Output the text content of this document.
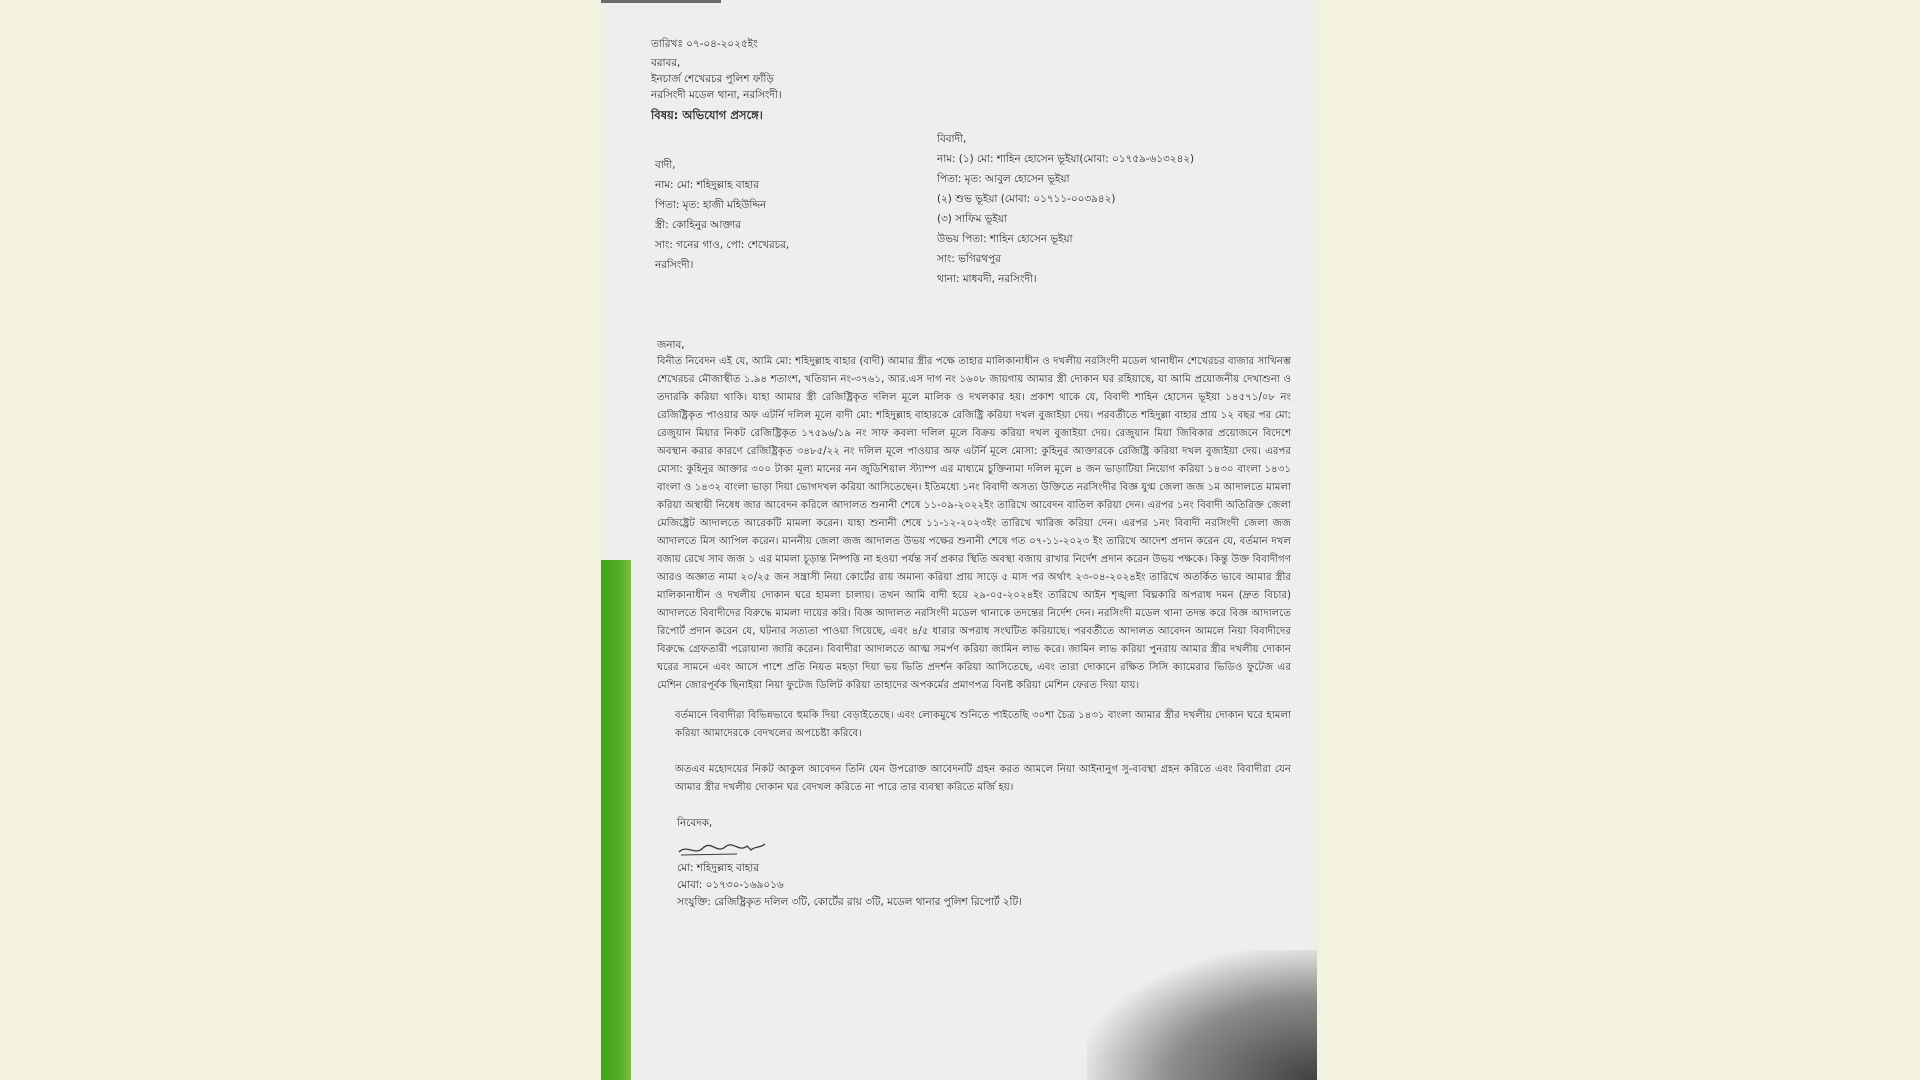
তারিখঃ ০৭-০৪-২০২৫ইং
বরাবর,
ইনচার্জ শেখেরচর পুলিশ ফাঁড়ি
নরসিংদী মডেল থানা, নরসিংদী।
বিষয়: অভিযোগ প্রসঙ্গে।
বাদী,
নাম: মো: শহিদুল্লাহ বাহার
পিতা: মৃত: হাজী মহিউদ্দিন
স্ত্রী: কোহিনুর আক্তার
সাং: গনের গাও, পো: শেখেরচর,
নরসিংদী।
বিবাদী,
নাম: (১) মো: শাহিন হোসেন ভূইয়া(মোবা: ০১৭৫৯-৬১৩২৪২)
পিতা: মৃত: আবুল হোসেন ভূইয়া
(২) শুভ ভূইয়া (মোবা: ০১৭১১-০০৩৯৪২)
(৩) সাফিম ভূইয়া
উভয় পিতা: শাহিন হোসেন ভূইয়া
সাং: ভগিরথপুর
থানা: মাধবদী, নরসিংদী।
জনাব,
বিনীত নিবেদন এই যে, আমি মো: শহিদুল্লাহ বাহার (বাদী) আমার স্ত্রীর পক্ষে তাহার মালিকানাধীন ও দখলীয় নরসিংদী মডেল থানাধীন শেখেরচর বাজার সাখিনম্ভ শেখেরচর মৌজাস্থীত ১.৯৪ শতাংশ, খতিয়ান নং-৩৭৬১, আর.এস দাগ নং ১৬০৮ জায়গায় আমার স্ত্রী দোকান ঘর রহিয়াছে, যা আমি প্রয়োজনীয় দেখাশুনা ও তদারকি করিয়া থাকি। যাহা আমার স্ত্রী রেজিষ্ট্রিকৃত দলিল মূলে মালিক ও দখলকার হয়। প্রকাশ থাকে যে, বিবাদী শাহিন হোসেন ভূইয়া ১৪৫৭১/০৮ নং রেজিষ্ট্রিকৃত পাওয়ার অফ এটর্নি দলিল মূলে বাদী মো: শহিদুল্লাহ বাহারকে রেজিষ্ট্রি করিয়া দখল বুজাইয়া দেয়। পরবর্তীতে শহিদুল্লা বাহার প্রায় ১২ বছর পর মো: রেজুয়ান মিয়ার নিকট রেজিষ্ট্রিকৃত ১৭৫৯৬/১৯ নং সাফ কবলা দলিল মূলে বিক্রয় করিয়া দখল বুজাইয়া দেয়। রেজুয়ান মিয়া জিবিকার প্রয়োজনে বিদেশে অবস্থান করার কারণে রেজিষ্ট্রিকৃত ৩৪৮৫/২২ নং দলিল মূলে পাওয়ার অফ এটর্নি মূলে মোসা: কুহিনুর আক্তারকে রেজিষ্ট্রি করিয়া দখল বুজাইয়া দেয়। এরপর মোসা: কুহিনুর আক্তার ৩০০ টাকা মূল্য মানের নন জুডিশিয়াল স্ট্যাম্প এর মাধ্যমে চুক্তিনামা দলিল মূলে ৪ জন ভাড়াটিয়া নিয়োগ করিয়া ১৪৩০ বাংলা ১৪৩১ বাংলা ও ১৪৩২ বাংলা ভাড়া দিয়া ভোগদখল করিয়া আসিতেছেন। ইতিমধ্যে ১নং বিবাদী অসত্য উক্তিতে নরসিংদীর বিজ্ঞ যুগ্ম জেলা জজ ১ম আদালতে মামলা করিয়া অস্থায়ী নিষেধ জার আবেদন করিলে আদালত শুনানী শেষে ১১-০৯-২০২২ইং তারিখে আবেদন বাতিল করিয়া দেন। এরপর ১নং বিবাদী অতিরিক্ত জেলা মেজিষ্ট্রেট আদালতে আরেকটি মামলা করেন। যাহা শুনানী শেষে ১১-১২-২০২৩ইং তারিখে খারিজ করিয়া দেন। এরপর ১নং বিবাদী নরসিংদী জেলা জজ আদালতে মিস আপিল করেন। মাননীয় জেলা জজ আদালত উভয় পক্ষের শুনানী শেষে গত ০৭-১১-২০২৩ ইং তারিখে আদেশ প্রদান করেন যে, বর্তমান দখল বজায় রেখে সাব জজ ১ এর মামলা চূড়ান্ত নিষ্পত্তি না হওয়া পর্যন্ত সর্ব প্রকার স্থিতি অবস্থা বজায় রাখার নির্দেশ প্রদান করেন উভয় পক্ষকে। কিন্তু উক্ত বিবাদীগণ আরও অজ্ঞাত নামা ২০/২৫ জন সন্ত্রাসী নিয়া কোর্টের রায় অমান্য করিয়া প্রায় সাড়ে ৫ মাস পর অর্থাৎ ২৩-০৪-২০২৪ইং তারিখে অতর্কিত ভাবে আমার স্ত্রীর মালিকানাধীন ও দখলীয় দোকান ঘরে হামলা চালায়। তখন আমি বাদী হয়ে ২৯-০৫-২০২৪ইং তারিখে আইন শৃঙ্খলা বিঘ্নকারি অপরাধ দমন (দ্রুত বিচার) আদালতে বিবাদীদের বিরুদ্ধে মামলা দায়ের করি। বিজ্ঞ আদালত নরসিংদী মডেল থানাকে তদন্তের নির্দেশ দেন। নরসিংদী মডেল থানা তদন্ত করে বিজ্ঞ আদালতে রিপোর্ট প্রদান করেন যে, ঘটনার সত্যতা পাওয়া গিয়েছে, এবং ৪/৫ ধারার অপরাধ সংঘটিত করিয়াছে। পরবর্তীতে আদালত আবেদন আমলে নিয়া বিবাদীদের বিরুদ্ধে গ্রেফতারী পরোয়ানা জারি করেন। বিবাদীরা আদালতে আত্ম সমর্পণ করিয়া জামিন লাভ করে। জামিন লাভ করিয়া পুনরায় আমার স্ত্রীর দখলীয় দোকান ঘরের সামনে এবং আসে পাশে প্রতি নিয়ত মহড়া দিয়া ভয় ভিতি প্রদর্শন করিয়া আসিতেছে, এবং তারা দোকানে রক্ষিত সিসি ক্যামেরার ভিডিও ফুটেজ এর মেশিন জোরপূর্বক ছিনাইয়া নিয়া ফুটেজ ডিলিট করিয়া তাহাদের অপকর্মের প্রমাণপত্র বিনষ্ট করিয়া মেশিন ফেরত দিয়া যায়।
বর্তমানে বিবাদীরা বিভিন্নভাবে হুমকি দিয়া বেড়াইতেছে। এবং লোকমুখে শুনিতে পাইতেছি ৩০শা চৈত্র ১৪৩১ বাংলা আমার স্ত্রীর দখলীয় দোকান ঘরে হামলা করিয়া আমাদেরকে বেদখলের অপচেষ্টা করিবে।
অতএব মহোদয়ের নিকট আকুল আবেদন তিনি যেন উপরোক্ত আবেদনটি গ্রহন করত আমলে নিয়া আইনানুগ সু-ব্যবস্থা গ্রহন করিতে এবং বিবাদীরা যেন আমার স্ত্রীর দখলীয় দোকান ঘর বেদখল করিতে না পারে তার ব্যবস্থা করিতে মর্জি হয়।
নিবেদক,
মো: শহিদুল্লাহ বাহার
মোবা: ০১৭৩০-১৬৯০১৬
সংযুক্তি: রেজিষ্ট্রিকৃত দলিল ৩টি, কোর্টের রায় ৩টি, মডেল থানার পুলিশ রিপোর্ট ২টি।
